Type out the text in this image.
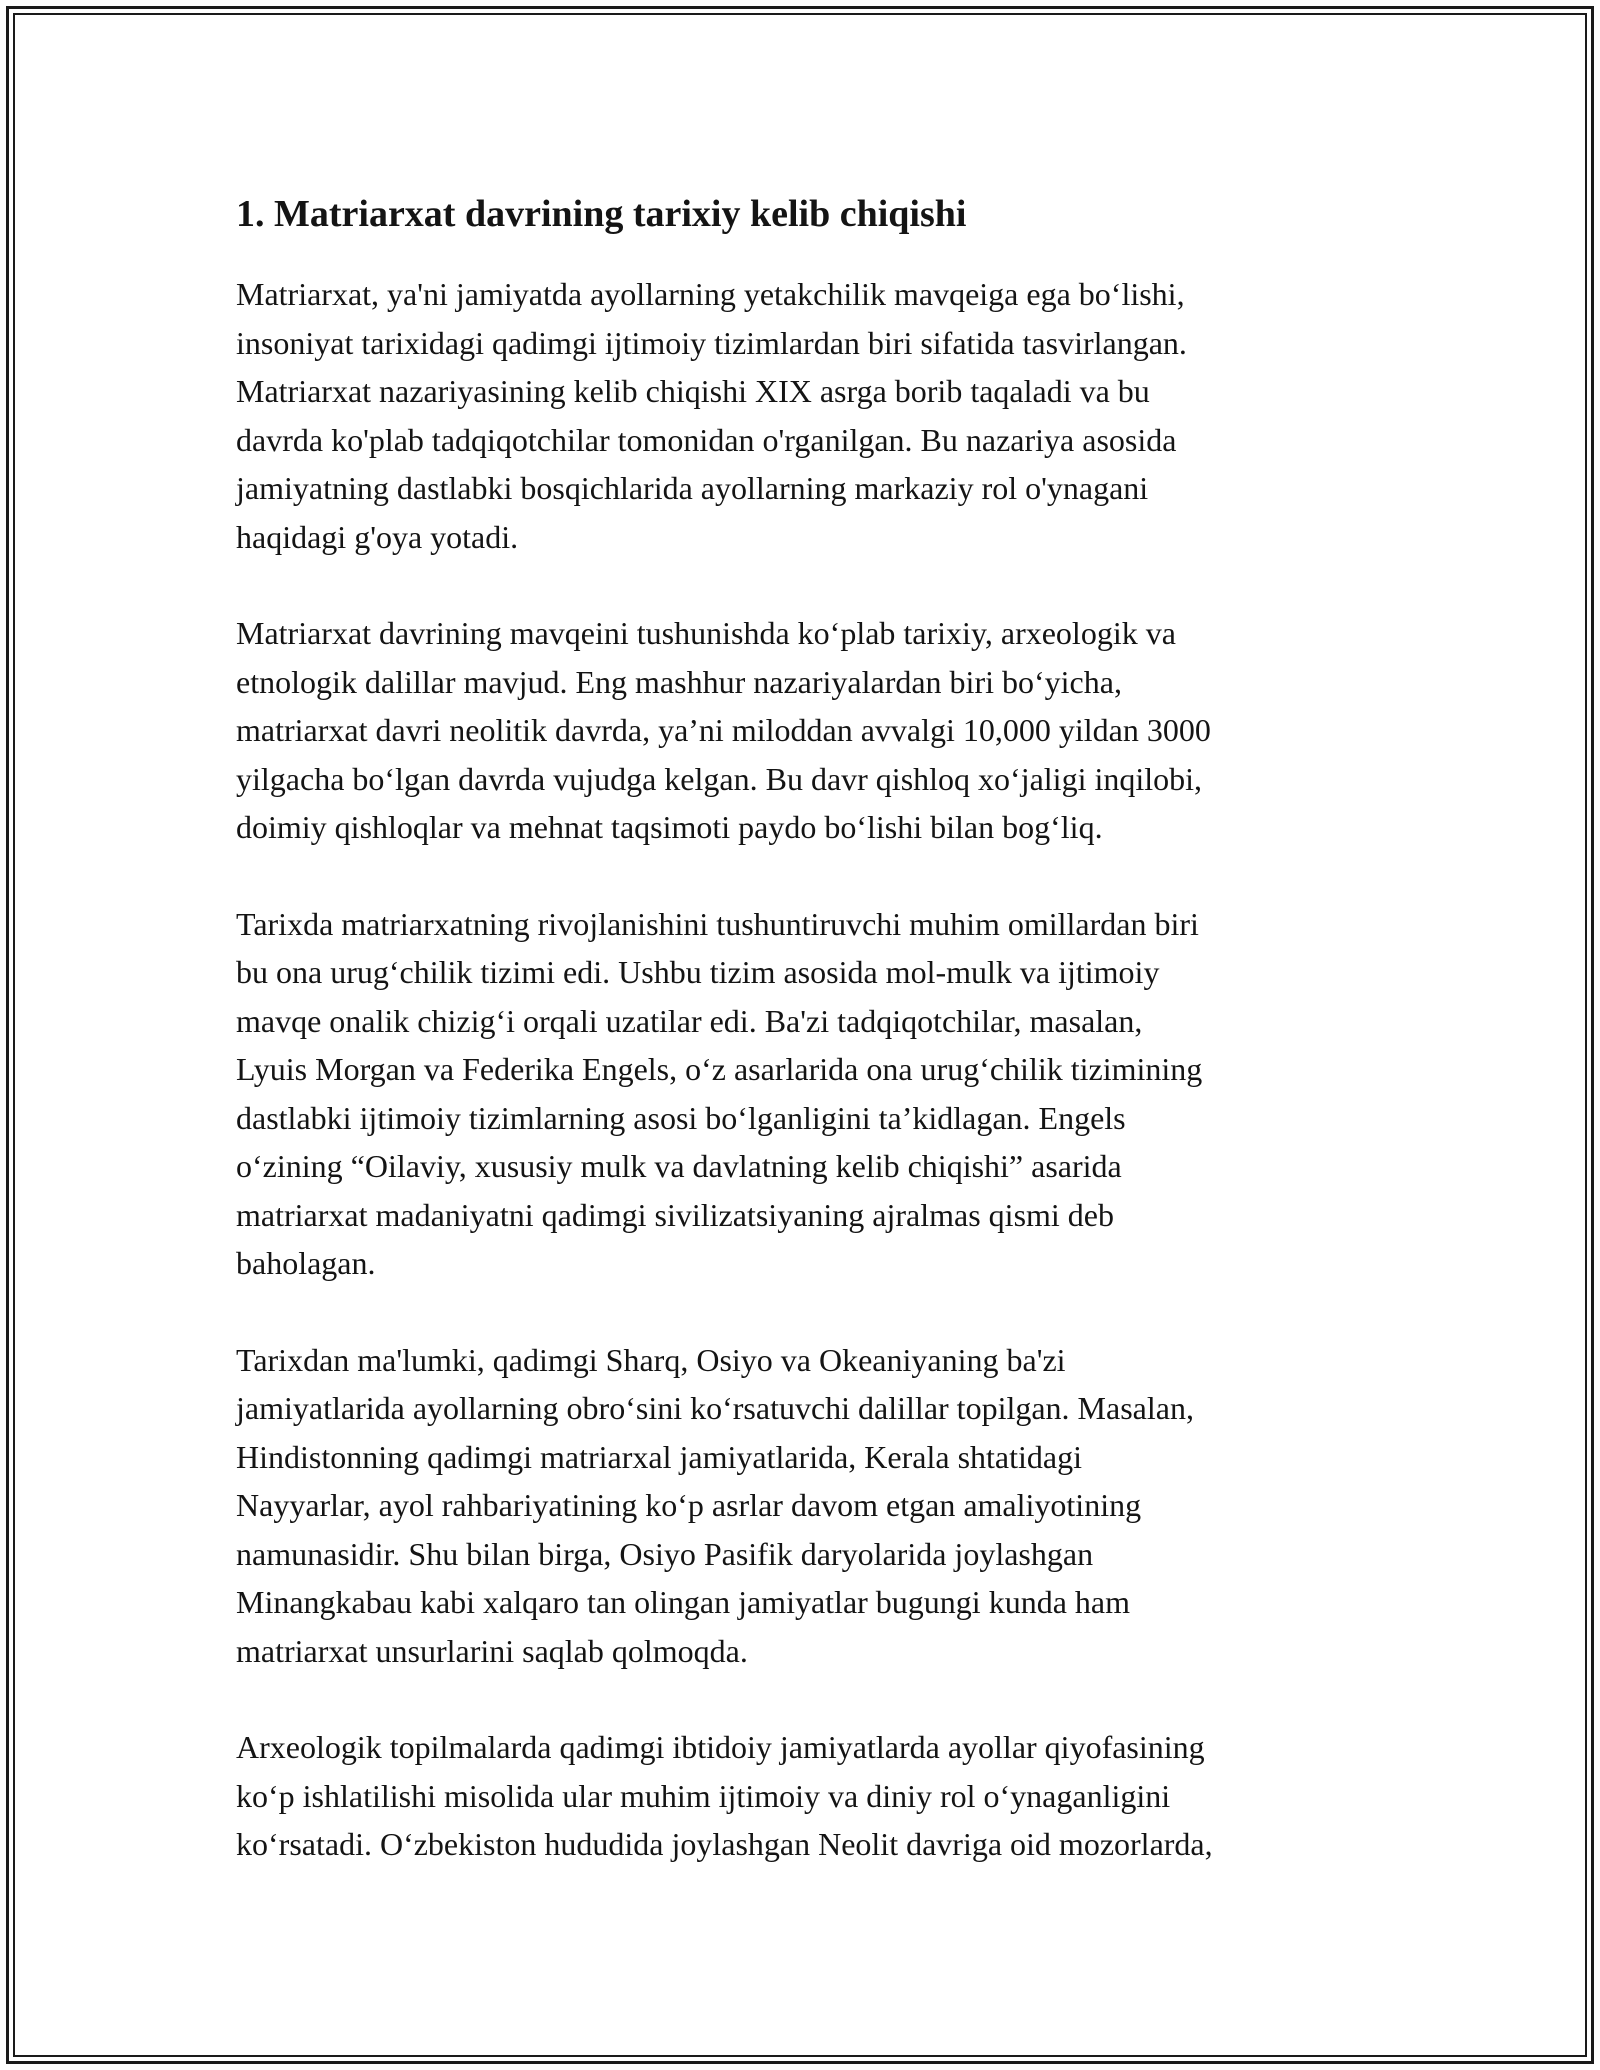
1. Matriarxat davrining tarixiy kelib chiqishi

Matriarxat, ya'ni jamiyatda ayollarning yetakchilik mavqeiga ega bo‘lishi,
insoniyat tarixidagi qadimgi ijtimoiy tizimlardan biri sifatida tasvirlangan.
Matriarxat nazariyasining kelib chiqishi XIX asrga borib taqaladi va bu
davrda ko'plab tadqiqotchilar tomonidan o'rganilgan. Bu nazariya asosida
jamiyatning dastlabki bosqichlarida ayollarning markaziy rol o'ynagani
haqidagi g'oya yotadi.

Matriarxat davrining mavqeini tushunishda ko‘plab tarixiy, arxeologik va
etnologik dalillar mavjud. Eng mashhur nazariyalardan biri bo‘yicha,
matriarxat davri neolitik davrda, ya’ni miloddan avvalgi 10,000 yildan 3000
yilgacha bo‘lgan davrda vujudga kelgan. Bu davr qishloq xo‘jaligi inqilobi,
doimiy qishloqlar va mehnat taqsimoti paydo bo‘lishi bilan bog‘liq.

Tarixda matriarxatning rivojlanishini tushuntiruvchi muhim omillardan biri
bu ona urug‘chilik tizimi edi. Ushbu tizim asosida mol-mulk va ijtimoiy
mavqe onalik chizig‘i orqali uzatilar edi. Ba'zi tadqiqotchilar, masalan,
Lyuis Morgan va Federika Engels, o‘z asarlarida ona urug‘chilik tizimining
dastlabki ijtimoiy tizimlarning asosi bo‘lganligini ta’kidlagan. Engels
o‘zining “Oilaviy, xususiy mulk va davlatning kelib chiqishi” asarida
matriarxat madaniyatni qadimgi sivilizatsiyaning ajralmas qismi deb
baholagan.

Tarixdan ma'lumki, qadimgi Sharq, Osiyo va Okeaniyaning ba'zi
jamiyatlarida ayollarning obro‘sini ko‘rsatuvchi dalillar topilgan. Masalan,
Hindistonning qadimgi matriarxal jamiyatlarida, Kerala shtatidagi
Nayyarlar, ayol rahbariyatining ko‘p asrlar davom etgan amaliyotining
namunasidir. Shu bilan birga, Osiyo Pasifik daryolarida joylashgan
Minangkabau kabi xalqaro tan olingan jamiyatlar bugungi kunda ham
matriarxat unsurlarini saqlab qolmoqda.

Arxeologik topilmalarda qadimgi ibtidoiy jamiyatlarda ayollar qiyofasining
ko‘p ishlatilishi misolida ular muhim ijtimoiy va diniy rol o‘ynaganligini
ko‘rsatadi. O‘zbekiston hududida joylashgan Neolit davriga oid mozorlarda,
